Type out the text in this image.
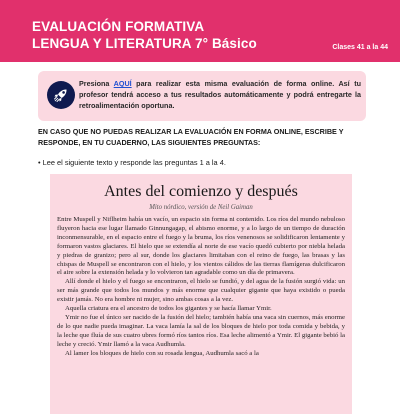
EVALUACIÓN FORMATIVA
LENGUA Y LITERATURA 7° Básico	Clases 41 a la 44
Presiona AQUÍ para realizar esta misma evaluación de forma online. Así tu profesor tendrá acceso a tus resultados automáticamente y podrá entregarte la retroalimentación oportuna.
EN CASO QUE NO PUEDAS REALIZAR LA EVALUACIÓN EN FORMA ONLINE, ESCRIBE Y RESPONDE, EN TU CUADERNO, LAS SIGUIENTES PREGUNTAS:
• Lee el siguiente texto y responde las preguntas 1 a la 4.
Antes del comienzo y después
Mito nórdico, versión de Neil Gaiman

Entre Muspell y Niflheim había un vacío, un espacio sin forma ni contenido. Los ríos del mundo nebuloso fluyeron hacia ese lugar llamado Ginnungagap, el abismo enorme, y a lo largo de un tiempo de duración inconmensurable, en el espacio entre el fuego y la bruma, los ríos venenosos se solidificaron lentamente y formaron vastos glaciares. El hielo que se extendía al norte de ese vacío quedó cubierto por niebla helada y piedras de granizo; pero al sur, donde los glaciares limitaban con el reino de fuego, las brasas y las chispas de Muspell se encontraron con el hielo, y los vientos cálidos de las tierras flamígeras dulcificaron el aire sobre la extensión helada y lo volvieron tan agradable como un día de primavera.

Allí donde el hielo y el fuego se encontraron, el hielo se fundió, y del agua de la fusión surgió vida: un ser más grande que todos los mundos y más enorme que cualquier gigante que haya existido o pueda existir jamás. No era hombre ni mujer, sino ambas cosas a la vez.

Aquella criatura era el ancestro de todos los gigantes y se hacía llamar Ymir.

Ymir no fue el único ser nacido de la fusión del hielo; también había una vaca sin cuernos, más enorme de lo que nadie pueda imaginar. La vaca lamía la sal de los bloques de hielo por toda comida y bebida, y la leche que fluía de sus cuatro ubres formó ríos tantos ríos. Esa leche alimentó a Ymir. El gigante bebió la leche y creció. Ymir llamó a la vaca Audhumla.

Al lamer los bloques de hielo con su rosada lengua, Audhumla sacó a la
